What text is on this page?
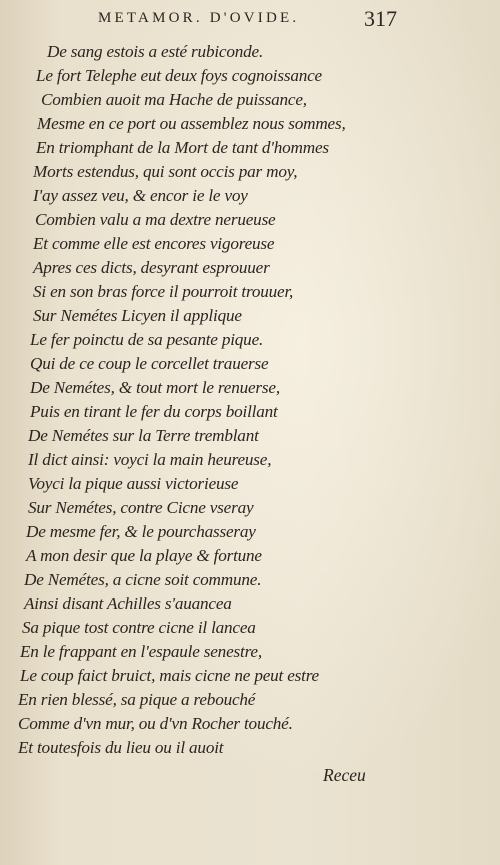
METAMOR. D'OVIDE.	317
De sang estois a esté rubiconde.
Le fort Telephe eut deux foys cognoissance
Combien auoit ma Hache de puissance,
Mesme en ce port ou assemblez nous sommes,
En triomphant de la Mort de tant d'hommes
Morts estendus, qui sont occis par moy,
I'ay assez veu, & encor ie le voy
Combien valu a ma dextre nerueuse
Et comme elle est encores vigoreuse
Apres ces dicts, desyrant esprouuer
Si en son bras force il pourroit trouuer,
Sur Nemétes Licyen il applique
Le fer poinctu de sa pesante pique.
Qui de ce coup le corcellet trauerse
De Nemétes, & tout mort le renuerse,
Puis en tirant le fer du corps boillant
De Nemétes sur la Terre tremblant
Il dict ainsi: voyci la main heureuse,
Voyci la pique aussi victorieuse
Sur Nemétes, contre Cicne vseray
De mesme fer, & le pourchasseray
A mon desir que la playe & fortune
De Nemétes, a cicne soit commune.
Ainsi disant Achilles s'auancea
Sa pique tost contre cicne il lancea
En le frappant en l'espaule senestre,
Le coup faict bruict, mais cicne ne peut estre
En rien blessé, sa pique a rebouché
Comme d'vn mur, ou d'vn Rocher touché.
Et toutesfois du lieu ou il auoit
Receu
